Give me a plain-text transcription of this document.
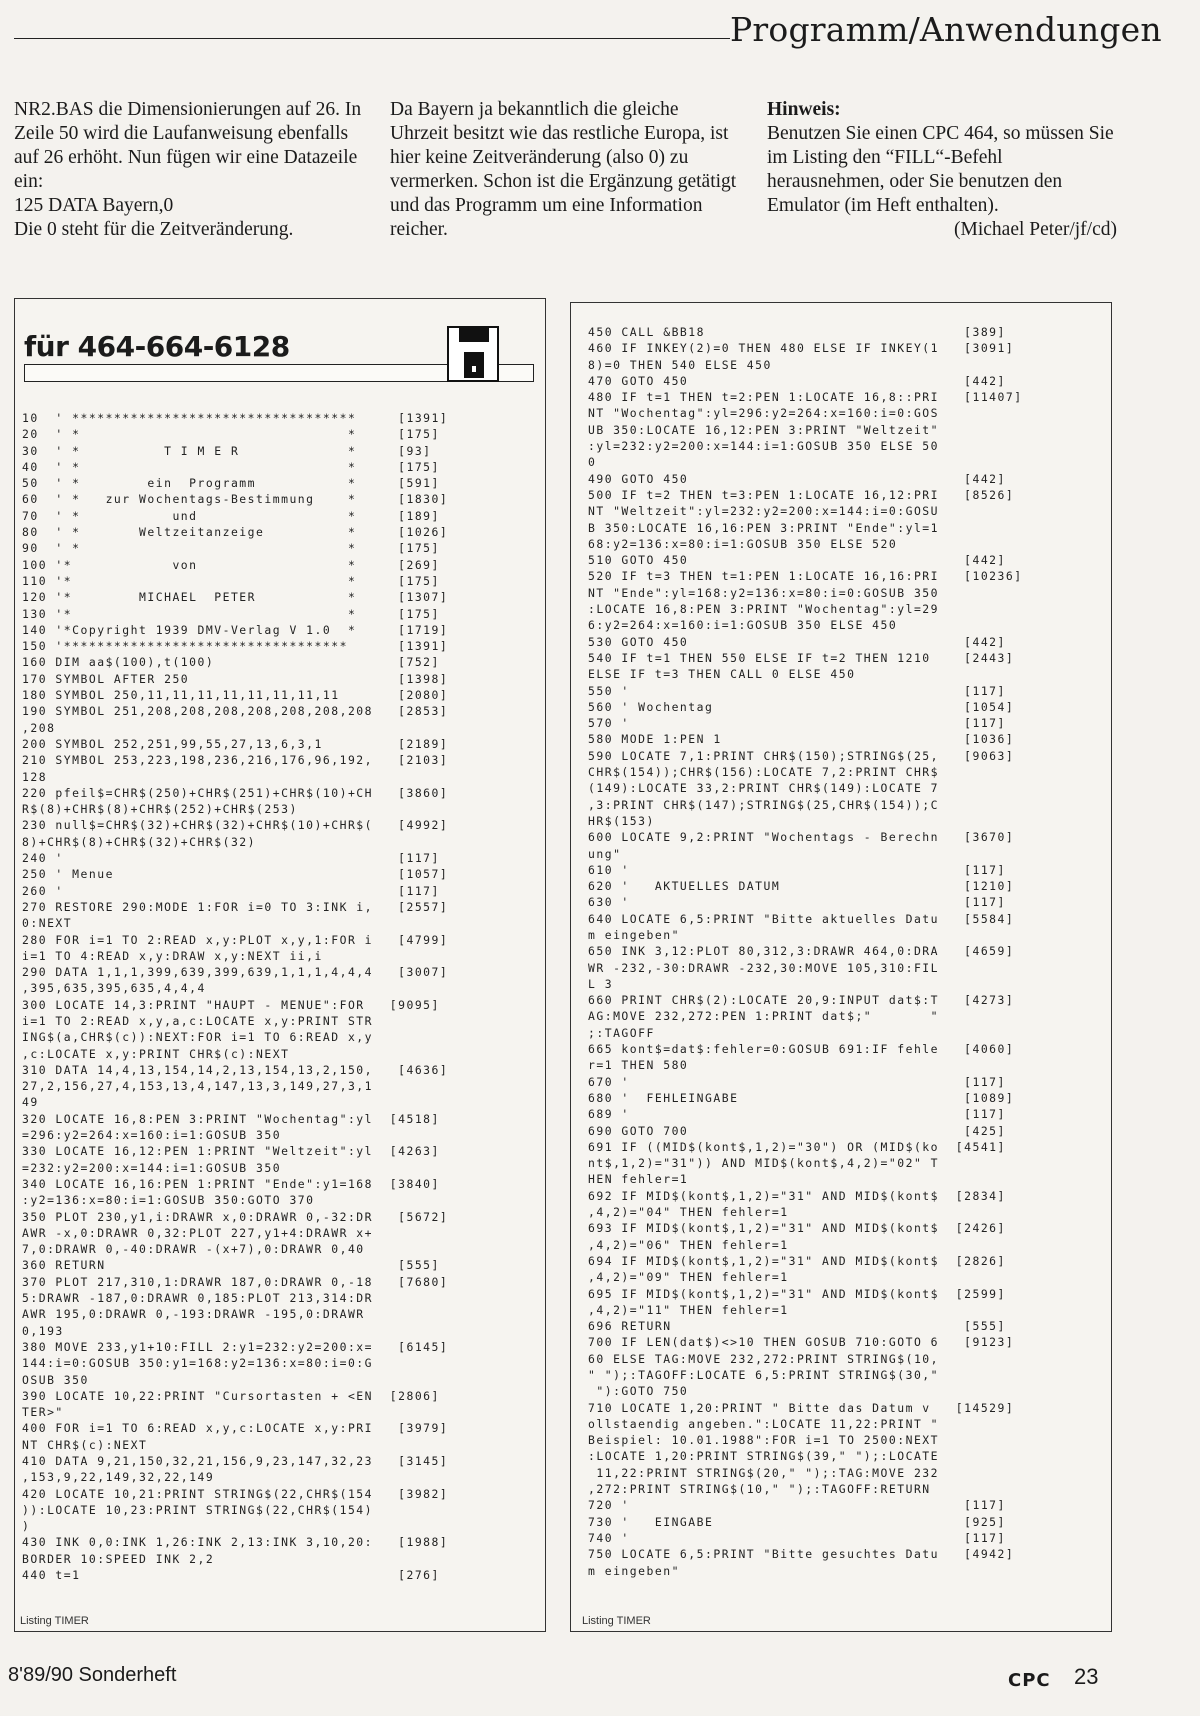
Programm/Anwendungen

NR2.BAS die Dimensionierungen auf 26. In Zeile 50 wird die Laufanweisung ebenfalls auf 26 erhöht. Nun fügen wir eine Datazeile ein:

125 DATA Bayern,0

Die 0 steht für die Zeitveränderung.

Da Bayern ja bekanntlich die gleiche Uhrzeit besitzt wie das restliche Europa, ist hier keine Zeitveränderung (also 0) zu vermerken. Schon ist die Ergänzung getätigt und das Programm um eine Information reicher.

Hinweis:

Benutzen Sie einen CPC 464, so müssen Sie im Listing den “FILL“-Befehl herausnehmen, oder Sie benutzen den Emulator (im Heft enthalten).

(Michael Peter/jf/cd)

für 464-664-6128
10  ' **********************************     [1391]
20  ' *                                *     [175]
30  ' *          T I M E R             *     [93]
40  ' *                                *     [175]
50  ' *        ein  Programm           *     [591]
60  ' *   zur Wochentags-Bestimmung    *     [1830]
70  ' *           und                  *     [189]
80  ' *       Weltzeitanzeige          *     [1026]
90  ' *                                *     [175]
100 '*            von                  *     [269]
110 '*                                 *     [175]
120 '*        MICHAEL  PETER           *     [1307]
130 '*                                 *     [175]
140 '*Copyright 1939 DMV-Verlag V 1.0  *     [1719]
150 '**********************************      [1391]
160 DIM aa$(100),t(100)                      [752]
170 SYMBOL AFTER 250                         [1398]
180 SYMBOL 250,11,11,11,11,11,11,11,11       [2080]
190 SYMBOL 251,208,208,208,208,208,208,208   [2853]
,208
200 SYMBOL 252,251,99,55,27,13,6,3,1         [2189]
210 SYMBOL 253,223,198,236,216,176,96,192,   [2103]
128
220 pfeil$=CHR$(250)+CHR$(251)+CHR$(10)+CH   [3860]
R$(8)+CHR$(8)+CHR$(252)+CHR$(253)
230 null$=CHR$(32)+CHR$(32)+CHR$(10)+CHR$(   [4992]
8)+CHR$(8)+CHR$(32)+CHR$(32)
240 '                                        [117]
250 ' Menue                                  [1057]
260 '                                        [117]
270 RESTORE 290:MODE 1:FOR i=0 TO 3:INK i,   [2557]
0:NEXT
280 FOR i=1 TO 2:READ x,y:PLOT x,y,1:FOR i   [4799]
i=1 TO 4:READ x,y:DRAW x,y:NEXT ii,i
290 DATA 1,1,1,399,639,399,639,1,1,1,4,4,4   [3007]
,395,635,395,635,4,4,4
300 LOCATE 14,3:PRINT "HAUPT - MENUE":FOR   [9095]
i=1 TO 2:READ x,y,a,c:LOCATE x,y:PRINT STR
ING$(a,CHR$(c)):NEXT:FOR i=1 TO 6:READ x,y
,c:LOCATE x,y:PRINT CHR$(c):NEXT
310 DATA 14,4,13,154,14,2,13,154,13,2,150,   [4636]
27,2,156,27,4,153,13,4,147,13,3,149,27,3,1
49
320 LOCATE 16,8:PEN 3:PRINT "Wochentag":yl  [4518]
=296:y2=264:x=160:i=1:GOSUB 350
330 LOCATE 16,12:PEN 1:PRINT "Weltzeit":yl  [4263]
=232:y2=200:x=144:i=1:GOSUB 350
340 LOCATE 16,16:PEN 1:PRINT "Ende":y1=168  [3840]
:y2=136:x=80:i=1:GOSUB 350:GOTO 370
350 PLOT 230,y1,i:DRAWR x,0:DRAWR 0,-32:DR   [5672]
AWR -x,0:DRAWR 0,32:PLOT 227,y1+4:DRAWR x+
7,0:DRAWR 0,-40:DRAWR -(x+7),0:DRAWR 0,40
360 RETURN                                   [555]
370 PLOT 217,310,1:DRAWR 187,0:DRAWR 0,-18   [7680]
5:DRAWR -187,0:DRAWR 0,185:PLOT 213,314:DR
AWR 195,0:DRAWR 0,-193:DRAWR -195,0:DRAWR
0,193
380 MOVE 233,y1+10:FILL 2:y1=232:y2=200:x=   [6145]
144:i=0:GOSUB 350:y1=168:y2=136:x=80:i=0:G
OSUB 350
390 LOCATE 10,22:PRINT "Cursortasten + <EN  [2806]
TER>"
400 FOR i=1 TO 6:READ x,y,c:LOCATE x,y:PRI   [3979]
NT CHR$(c):NEXT
410 DATA 9,21,150,32,21,156,9,23,147,32,23   [3145]
,153,9,22,149,32,22,149
420 LOCATE 10,21:PRINT STRING$(22,CHR$(154   [3982]
)):LOCATE 10,23:PRINT STRING$(22,CHR$(154)
)
430 INK 0,0:INK 1,26:INK 2,13:INK 3,10,20:   [1988]
BORDER 10:SPEED INK 2,2
440 t=1                                      [276]
Listing TIMER
450 CALL &BB18                               [389]
460 IF INKEY(2)=0 THEN 480 ELSE IF INKEY(1   [3091]
8)=0 THEN 540 ELSE 450
470 GOTO 450                                 [442]
480 IF t=1 THEN t=2:PEN 1:LOCATE 16,8::PRI   [11407]
NT "Wochentag":yl=296:y2=264:x=160:i=0:GOS
UB 350:LOCATE 16,12:PEN 3:PRINT "Weltzeit"
:yl=232:y2=200:x=144:i=1:GOSUB 350 ELSE 50
0
490 GOTO 450                                 [442]
500 IF t=2 THEN t=3:PEN 1:LOCATE 16,12:PRI   [8526]
NT "Weltzeit":yl=232:y2=200:x=144:i=0:GOSU
B 350:LOCATE 16,16:PEN 3:PRINT "Ende":yl=1
68:y2=136:x=80:i=1:GOSUB 350 ELSE 520
510 GOTO 450                                 [442]
520 IF t=3 THEN t=1:PEN 1:LOCATE 16,16:PRI   [10236]
NT "Ende":yl=168:y2=136:x=80:i=0:GOSUB 350
:LOCATE 16,8:PEN 3:PRINT "Wochentag":yl=29
6:y2=264:x=160:i=1:GOSUB 350 ELSE 450
530 GOTO 450                                 [442]
540 IF t=1 THEN 550 ELSE IF t=2 THEN 1210    [2443]
ELSE IF t=3 THEN CALL 0 ELSE 450
550 '                                        [117]
560 ' Wochentag                              [1054]
570 '                                        [117]
580 MODE 1:PEN 1                             [1036]
590 LOCATE 7,1:PRINT CHR$(150);STRING$(25,   [9063]
CHR$(154));CHR$(156):LOCATE 7,2:PRINT CHR$
(149):LOCATE 33,2:PRINT CHR$(149):LOCATE 7
,3:PRINT CHR$(147);STRING$(25,CHR$(154));C
HR$(153)
600 LOCATE 9,2:PRINT "Wochentags - Berechn   [3670]
ung"
610 '                                        [117]
620 '   AKTUELLES DATUM                      [1210]
630 '                                        [117]
640 LOCATE 6,5:PRINT "Bitte aktuelles Datu   [5584]
m eingeben"
650 INK 3,12:PLOT 80,312,3:DRAWR 464,0:DRA   [4659]
WR -232,-30:DRAWR -232,30:MOVE 105,310:FIL
L 3
660 PRINT CHR$(2):LOCATE 20,9:INPUT dat$:T   [4273]
AG:MOVE 232,272:PEN 1:PRINT dat$;"       "
;:TAGOFF
665 kont$=dat$:fehler=0:GOSUB 691:IF fehle   [4060]
r=1 THEN 580
670 '                                        [117]
680 '  FEHLEINGABE                           [1089]
689 '                                        [117]
690 GOTO 700                                 [425]
691 IF ((MID$(kont$,1,2)="30") OR (MID$(ko  [4541]
nt$,1,2)="31")) AND MID$(kont$,4,2)="02" T
HEN fehler=1
692 IF MID$(kont$,1,2)="31" AND MID$(kont$  [2834]
,4,2)="04" THEN fehler=1
693 IF MID$(kont$,1,2)="31" AND MID$(kont$  [2426]
,4,2)="06" THEN fehler=1
694 IF MID$(kont$,1,2)="31" AND MID$(kont$  [2826]
,4,2)="09" THEN fehler=1
695 IF MID$(kont$,1,2)="31" AND MID$(kont$  [2599]
,4,2)="11" THEN fehler=1
696 RETURN                                   [555]
700 IF LEN(dat$)<>10 THEN GOSUB 710:GOTO 6   [9123]
60 ELSE TAG:MOVE 232,272:PRINT STRING$(10,
" ");:TAGOFF:LOCATE 6,5:PRINT STRING$(30,"
"):GOTO 750
710 LOCATE 1,20:PRINT " Bitte das Datum v   [14529]
ollstaendig angeben.":LOCATE 11,22:PRINT "
Beispiel: 10.01.1988":FOR i=1 TO 2500:NEXT
:LOCATE 1,20:PRINT STRING$(39," ");:LOCATE
11,22:PRINT STRING$(20," ");:TAG:MOVE 232
,272:PRINT STRING$(10," ");:TAGOFF:RETURN
720 '                                        [117]
730 '   EINGABE                              [925]
740 '                                        [117]
750 LOCATE 6,5:PRINT "Bitte gesuchtes Datu   [4942]
m eingeben"
Listing TIMER
8'89/90 Sonderheft	CPC 23
